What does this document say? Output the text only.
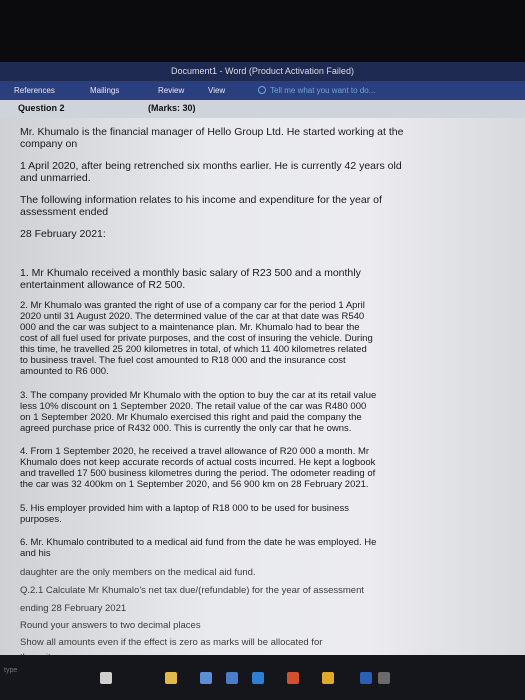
Document1 - Word (Product Activation Failed)
References	Mailings	Review	View	Tell me what you want to do...
Question 2	(Marks: 30)
Mr. Khumalo is the financial manager of Hello Group Ltd. He started working at the
company on
1 April 2020, after being retrenched six months earlier. He is currently 42 years old
and unmarried.
The following information relates to his income and expenditure for the year of
assessment ended
28 February 2021:
1. Mr Khumalo received a monthly basic salary of R23 500 and a monthly
entertainment allowance of R2 500.
2. Mr Khumalo was granted the right of use of a company car for the period 1 April
2020 until 31 August 2020. The determined value of the car at that date was R540
000 and the car was subject to a maintenance plan. Mr. Khumalo had to bear the
cost of all fuel used for private purposes, and the cost of insuring the vehicle. During
this time, he travelled 25 200 kilometres in total, of which 11 400 kilometres related
to business travel. The fuel cost amounted to R18 000 and the insurance cost
amounted to R6 000.
3. The company provided Mr Khumalo with the option to buy the car at its retail value
less 10% discount on 1 September 2020. The retail value of the car was R480 000
on 1 September 2020. Mr Khumalo exercised this right and paid the company the
agreed purchase price of R432 000. This is currently the only car that he owns.
4. From 1 September 2020, he received a travel allowance of R20 000 a month. Mr
Khumalo does not keep accurate records of actual costs incurred. He kept a logbook
and travelled 17 500 business kilometres during the period. The odometer reading of
the car was 32 400km on 1 September 2020, and 56 900 km on 28 February 2021.
5. His employer provided him with a laptop of R18 000 to be used for business
purposes.
6. Mr. Khumalo contributed to a medical aid fund from the date he was employed. He
and his
daughter are the only members on the medical aid fund.
Q.2.1 Calculate Mr Khumalo's net tax due/(refundable) for the year of assessment
ending 28 February 2021
Round your answers to two decimal places
Show all amounts even if the effect is zero as marks will be allocated for
type
